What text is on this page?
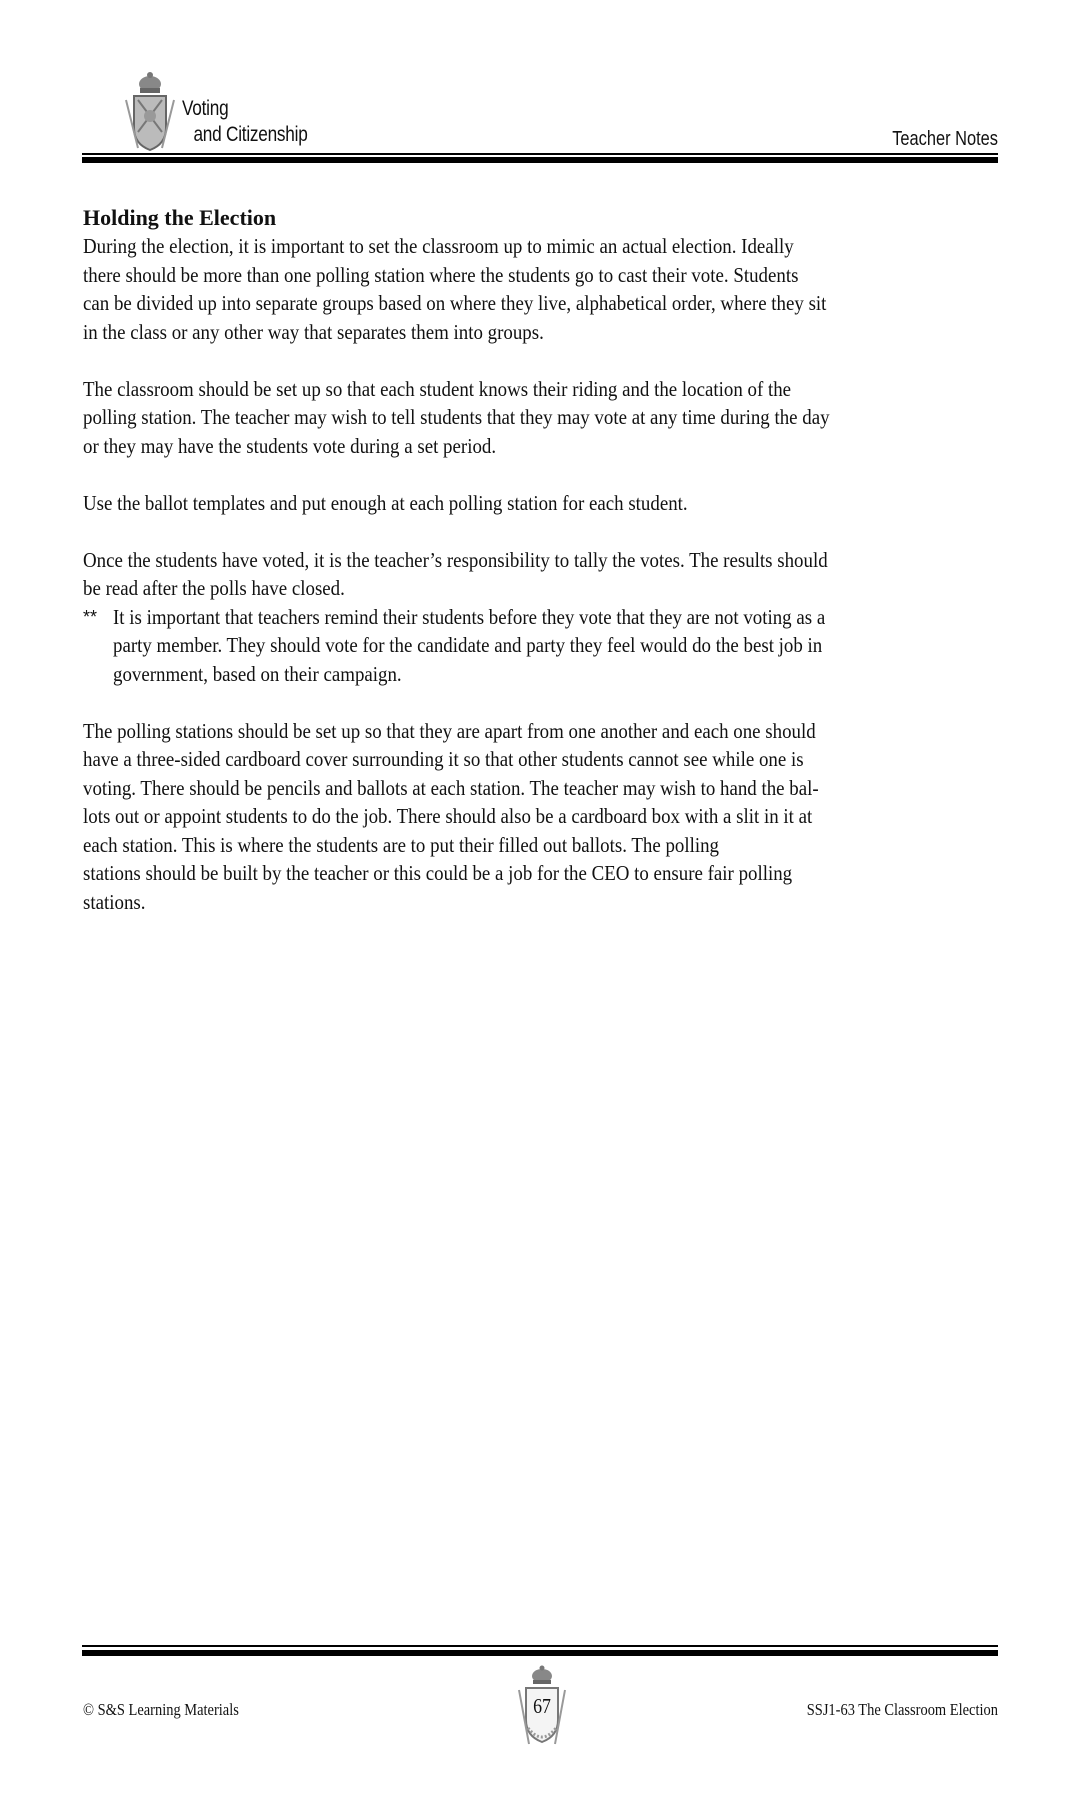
Voting
and Citizenship	Teacher Notes
Holding the Election
During the election, it is important to set the classroom up to mimic an actual election. Ideally
there should be more than one polling station where the students go to cast their vote. Students
can be divided up into separate groups based on where they live, alphabetical order, where they sit
in the class or any other way that separates them into groups.
The classroom should be set up so that each student knows their riding and the location of the
polling station. The teacher may wish to tell students that they may vote at any time during the day
or they may have the students vote during a set period.
Use the ballot templates and put enough at each polling station for each student.
Once the students have voted, it is the teacher’s responsibility to tally the votes. The results should
be read after the polls have closed.
** It is important that teachers remind their students before they vote that they are not voting as a
party member. They should vote for the candidate and party they feel would do the best job in
government, based on their campaign.
The polling stations should be set up so that they are apart from one another and each one should
have a three-sided cardboard cover surrounding it so that other students cannot see while one is
voting. There should be pencils and ballots at each station. The teacher may wish to hand the bal-
lots out or appoint students to do the job. There should also be a cardboard box with a slit in it at
each station. This is where the students are to put their filled out ballots. The polling
stations should be built by the teacher or this could be a job for the CEO to ensure fair polling
stations.
© S&S Learning Materials	67	SSJ1-63 The Classroom Election
